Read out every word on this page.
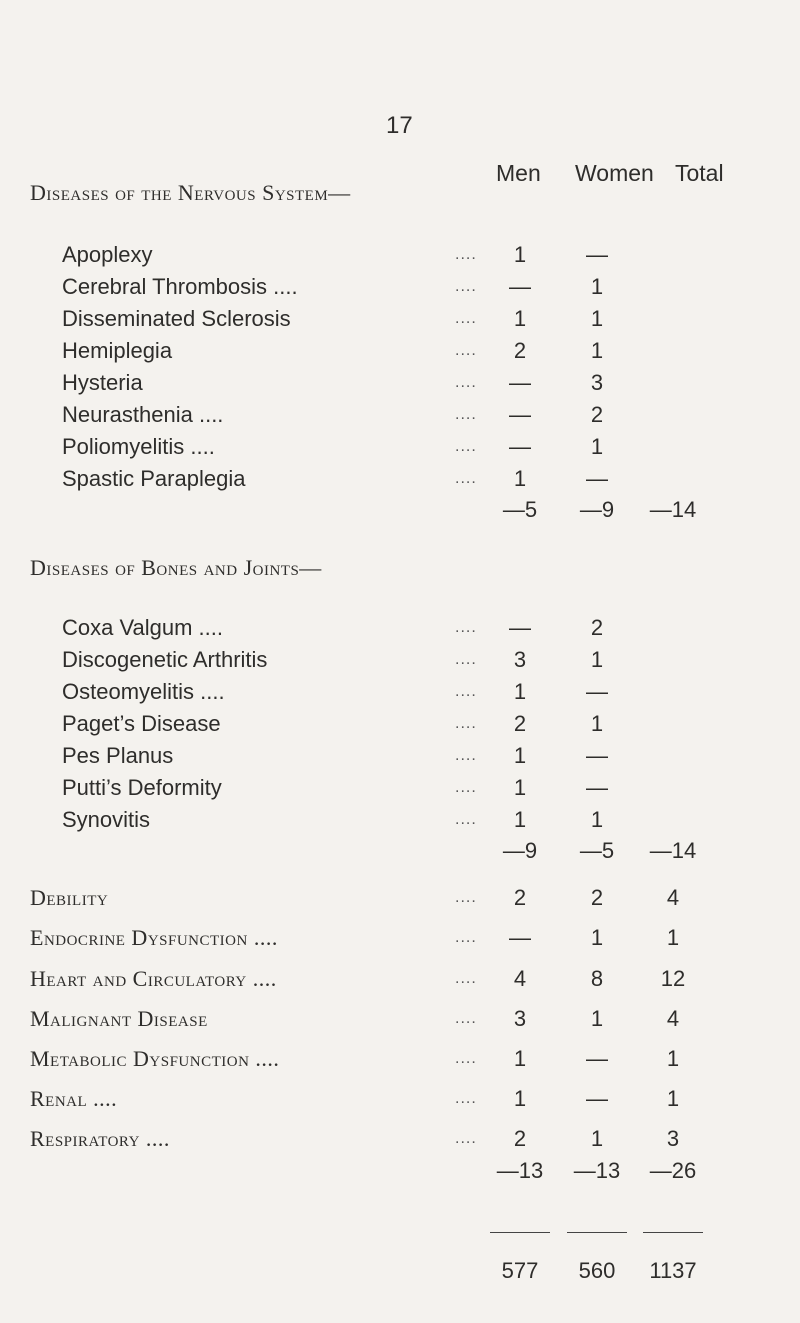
17
Men Women Total
Diseases of the Nervous System—
Apoplexy	....	1	—
Cerebral Thrombosis ....	....	—	1
Disseminated Sclerosis	....	1	1
Hemiplegia	....	2	1
Hysteria	....	—	3
Neurasthenia ....	....	—	2
Poliomyelitis ....	....	—	1
Spastic Paraplegia	....	1	—
—5	—9	—14
Diseases of Bones and Joints—
Coxa Valgum ....	....	—	2
Discogenetic Arthritis	....	3	1
Osteomyelitis ....	....	1	—
Paget’s Disease	....	2	1
Pes Planus	....	1	—
Putti’s Deformity	....	1	—
Synovitis	....	1	1
—9	—5	—14
Debility	....	2	2	4
Endocrine Dysfunction ....	....	—	1	1
Heart and Circulatory ....	....	4	8	12
Malignant Disease	....	3	1	4
Metabolic Dysfunction ....	....	1	—	1
Renal ....	....	1	—	1
Respiratory ....	....	2	1	3
—13	—13	—26
577	560	1137
